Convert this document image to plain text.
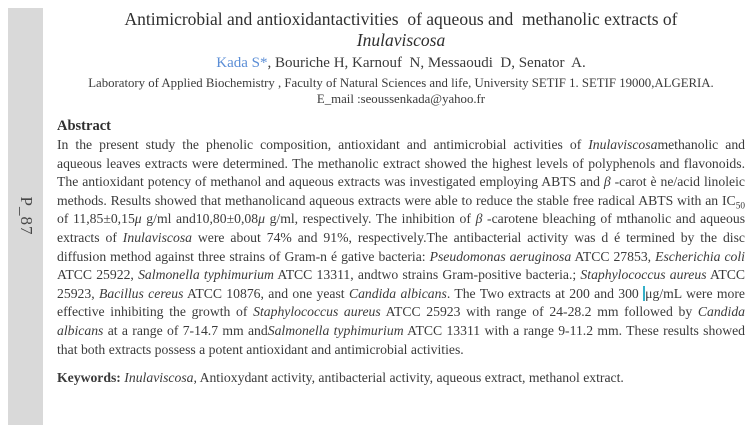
P_87
Antimicrobial and antioxidantactivities  of aqueous and  methanolic extracts of
Inulaviscosa
Kada S*, Bouriche H, Karnouf  N, Messaoudi  D, Senator  A.
Laboratory of Applied Biochemistry , Faculty of Natural Sciences and life, University SETIF 1. SETIF 19000,ALGERIA.
E_mail :seoussenkada@yahoo.fr
Abstract
In the present study the phenolic composition, antioxidant and antimicrobial activities of Inulaviscosamethanolic and aqueous leaves extracts were determined. The methanolic extract showed the highest levels of polyphenols and flavonoids. The antioxidant potency of methanol and aqueous extracts was investigated employing ABTS and β -carot è ne/acid linoleic methods. Results showed that methanolicand aqueous extracts were able to reduce the stable free radical ABTS with an $IC_{50}$ of 11,85±0,15μ g/ml and10,80±0,08μ g/ml, respectively. The inhibition of β -carotene bleaching of mthanolic and aqueous extracts of Inulaviscosa were about 74% and 91%, respectively.The antibacterial activity was d é termined by the disc diffusion method against three strains of Gram-n é gative bacteria: Pseudomonas aeruginosa ATCC 27853, Escherichia coli ATCC 25922, Salmonella typhimurium ATCC 13311, andtwo strains Gram-positive bacteria.; Staphylococcus aureus ATCC 25923, Bacillus cereus ATCC 10876, and one yeast Candida albicans. The Two extracts at 200 and 300 μg/mL were more effective inhibiting the growth of Staphylococcus aureus ATCC 25923 with range of 24-28.2 mm followed by Candida albicans at a range of 7-14.7 mm andSalmonella typhimurium ATCC 13311 with a range 9-11.2 mm. These results showed that both extracts possess a potent antioxidant and antimicrobial activities.
Keywords: Inulaviscosa, Antioxydant activity, antibacterial activity, aqueous extract, methanol extract.
